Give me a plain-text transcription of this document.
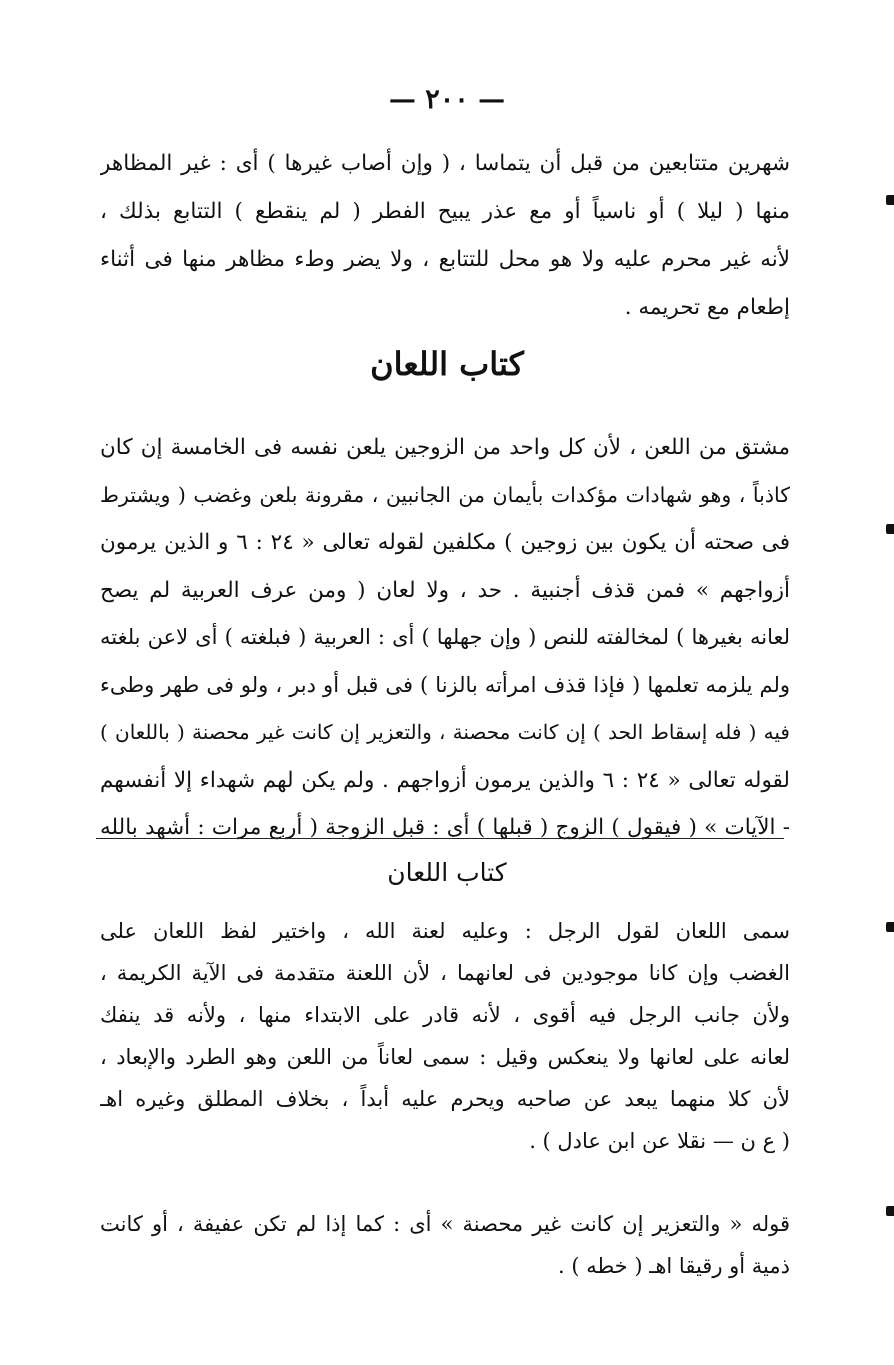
— ٢٠٠ —
شهرين متتابعين من قبل أن يتماسا ، ( وإن أصاب غيرها ) أى : غير المظاهر
منها ( ليلا ) أو ناسياً أو مع عذر يبيح الفطر ( لم ينقطع ) التتابع بذلك ،
لأنه غير محرم عليه ولا هو محل للتتابع ، ولا يضر وطء مظاهر منها فى أثناء
إطعام مع تحريمه .
كتاب اللعان
مشتق من اللعن ، لأن كل واحد من الزوجين يلعن نفسه فى الخامسة إن كان
كاذباً ، وهو شهادات مؤكدات بأيمان من الجانبين ، مقرونة بلعن وغضب ( ويشترط
فى صحته أن يكون بين زوجين ) مكلفين لقوله تعالى « ٢٤ : ٦ و الذين يرمون
أزواجهم » فمن قذف أجنبية . حد ، ولا لعان ( ومن عرف العربية لم يصح
لعانه بغيرها ) لمخالفته للنص ( وإن جهلها ) أى : العربية ( فبلغته ) أى لاعن بلغته
ولم يلزمه تعلمها ( فإذا قذف امرأته بالزنا ) فى قبل أو دبر ، ولو فى طهر وطىء
فيه ( فله إسقاط الحد ) إن كانت محصنة ، والتعزير إن كانت غير محصنة ( باللعان )
لقوله تعالى « ٢٤ : ٦ والذين يرمون أزواجهم . ولم يكن لهم شهداء إلا أنفسهم
- الآيات » ( فيقول ) الزوج ( قبلها ) أى : قبل الزوجة ( أربع مرات : أشهد بالله
كتاب اللعان
سمى اللعان لقول الرجل : وعليه لعنة الله ، واختير لفظ اللعان على
الغضب وإن كانا موجودين فى لعانهما ، لأن اللعنة متقدمة فى الآية الكريمة ،
ولأن جانب الرجل فيه أقوى ، لأنه قادر على الابتداء منها ، ولأنه قد ينفك
لعانه على لعانها ولا ينعكس وقيل : سمى لعاناً من اللعن وهو الطرد والإبعاد ،
لأن كلا منهما يبعد عن صاحبه ويحرم عليه أبداً ، بخلاف المطلق وغيره اهـ
( ع ن — نقلا عن ابن عادل ) .
قوله « والتعزير إن كانت غير محصنة » أى : كما إذا لم تكن عفيفة ، أو كانت
ذمية أو رقيقا اهـ ( خطه ) .
